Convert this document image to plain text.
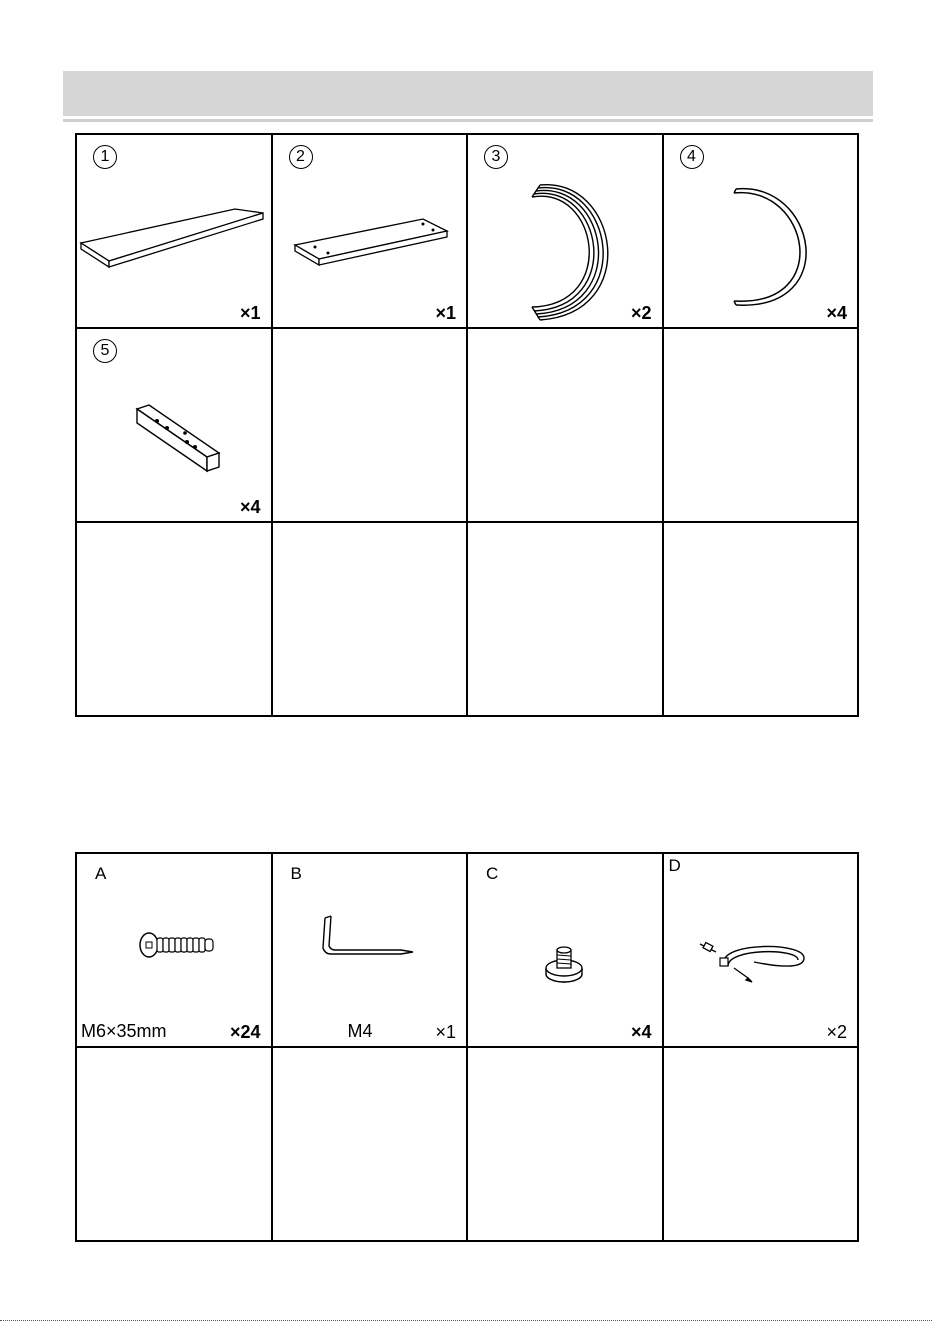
1
×1
2
×1
3
×2
4
×4
5
×4
A
M6×35mm	×24
B
M4	×1
C
×4
D
×2
